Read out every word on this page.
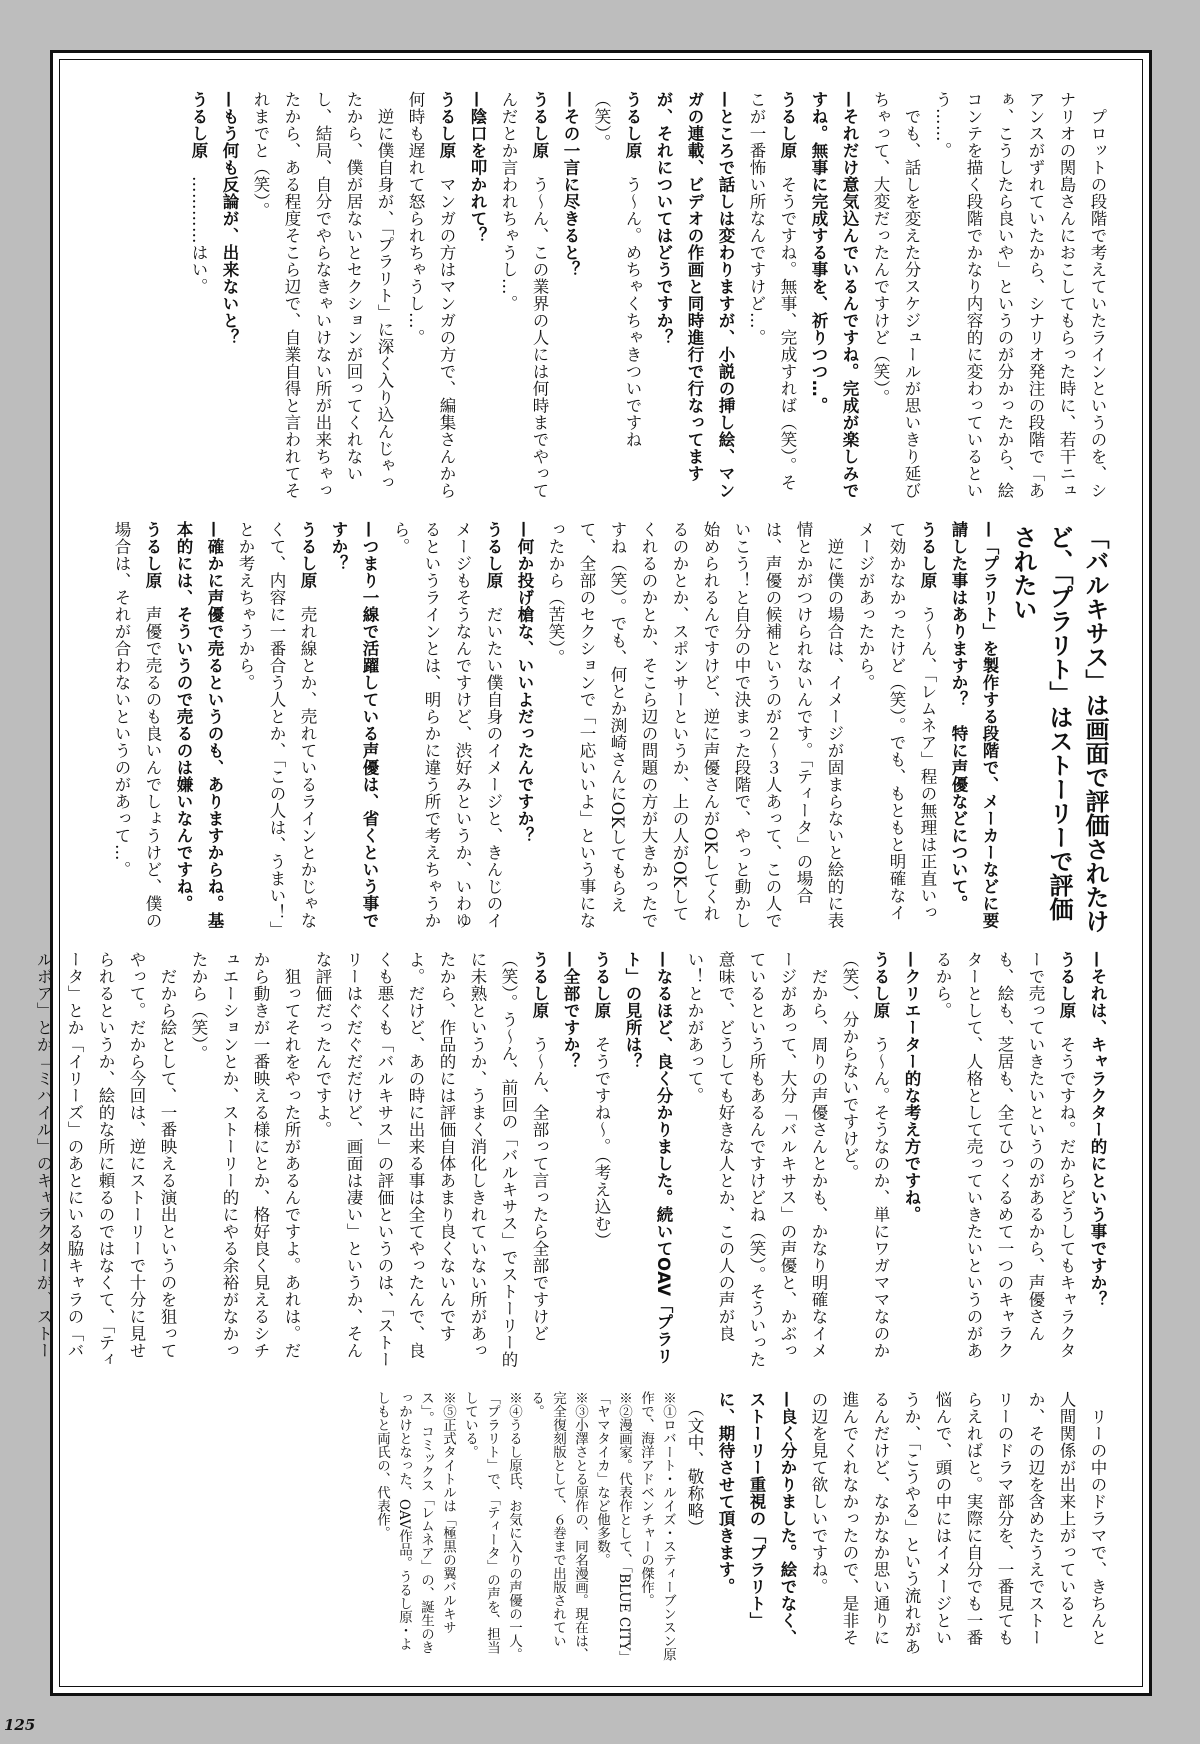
　プロットの段階で考えていたラインというのを、シナリオの関島さんにおこしてもらった時に、若干ニュアンスがずれていたから、シナリオ発注の段階で「あぁ、こうしたら良いや」というのが分かったから、絵コンテを描く段階でかなり内容的に変わっているという……。
　でも、話しを変えた分スケジュールが思いきり延びちゃって、大変だったんですけど（笑）。
—それだけ意気込んでいるんですね。完成が楽しみですね。無事に完成する事を、祈りつつ…。
うるし原　そうですね。無事、完成すれば（笑）。そこが一番怖い所なんですけど…。
—ところで話しは変わりますが、小説の挿し絵、マンガの連載、ビデオの作画と同時進行で行なってますが、それについてはどうですか？
うるし原　う〜ん。めちゃくちゃきついですね（笑）。
—その一言に尽きると？
うるし原　う〜ん、この業界の人には何時までやってんだとか言われちゃうし…。
—陰口を叩かれて？
うるし原　マンガの方はマンガの方で、編集さんから何時も遅れて怒られちゃうし…。
　逆に僕自身が、「プラリト」に深く入り込んじゃったから、僕が居ないとセクションが回ってくれないし、結局、自分でやらなきゃいけない所が出来ちゃったから、ある程度そこら辺で、自業自得と言われてそれまでと（笑）。
—もう何も反論が、出来ないと？
うるし原　…………はい。
「バルキサス」は画面で評価されたけど、「プラリト」はストーリーで評価されたい
—「プラリト」を製作する段階で、メーカーなどに要請した事はありますか？　特に声優などについて。
うるし原　う〜ん、「レムネア」程の無理は正直いって効かなかったけど（笑）。でも、もともと明確なイメージがあったから。
　逆に僕の場合は、イメージが固まらないと絵的に表情とかがつけられないんです。「ティータ」の場合は、声優の候補というのが２〜３人あって、この人でいこう！と自分の中で決まった段階で、やっと動かし始められるんですけど、逆に声優さんがOKしてくれるのかとか、スポンサーというか、上の人がOKしてくれるのかとか、そこら辺の問題の方が大きかったですね（笑）。でも、何とか渕崎さんにOKしてもらえて、全部のセクションで「一応いいよ」という事になったから（苦笑）。
—何か投げ槍な、いいよだったんですか？
うるし原　だいたい僕自身のイメージと、きんじのイメージもそうなんですけど、渋好みというか、いわゆるというラインとは、明らかに違う所で考えちゃうから。
—つまり一線で活躍している声優は、省くという事ですか？
うるし原　売れ線とか、売れているラインとかじゃなくて、内容に一番合う人とか、「この人は、うまい！」とか考えちゃうから。
—確かに声優で売るというのも、ありますからね。基本的には、そういうので売るのは嫌いなんですね。
うるし原　声優で売るのも良いんでしょうけど、僕の場合は、それが合わないというのがあって…。
—それは、キャラクター的にという事ですか？
うるし原　そうですね。だからどうしてもキャラクターで売っていきたいというのがあるから、声優さんも、絵も、芝居も、全てひっくるめて一つのキャラクターとして、人格として売っていきたいというのがあるから。
—クリエーター的な考え方ですね。
うるし原　う〜ん。そうなのか、単にワガママなのか（笑）、分からないですけど。
　だから、周りの声優さんとかも、かなり明確なイメージがあって、大分「バルキサス」の声優と、かぶっているという所もあるんですけどね（笑）。そういった意味で、どうしても好きな人とか、この人の声が良い！とかがあって。
—なるほど、良く分かりました。続いてOAV「プラリト」の見所は？
うるし原　そうですね〜。（考え込む）
—全部ですか？
うるし原　う〜ん、全部って言ったら全部ですけど（笑）。う〜ん、前回の「バルキサス」でストーリー的に未熟というか、うまく消化しきれていない所があったから、作品的には評価自体あまり良くないんですよ。だけど、あの時に出来る事は全てやったんで、良くも悪くも「バルキサス」の評価というのは、「ストーリーはぐだぐだだけど、画面は凄い」というか、そんな評価だったんですよ。
　狙ってそれをやった所があるんですよ。あれは。だから動きが一番映える様にとか、格好良く見えるシチュエーションとか、ストーリー的にやる余裕がなかったから（笑）。
　だから絵として、一番映える演出というのを狙ってやって。だから今回は、逆にストーリーで十分に見せられるというか、絵的な所に頼るのではなくて、「ティータ」とか「イリーズ」のあとにいる脇キャラの「バルボア」とか「ミハイル」のキャラクターが、ストー
　リーの中のドラマで、きちんと人間関係が出来上がっているとか、その辺を含めたうえでストーリーのドラマ部分を、一番見てもらえればと。実際に自分でも一番悩んで、頭の中にはイメージというか、「こうやる」という流れがあるんだけど、なかなか思い通りに進んでくれなかったので、是非その辺を見て欲しいですね。
—良く分かりました。絵でなく、ストーリー重視の「プラリト」に、期待させて頂きます。
　（文中、敬称略）
※①ロバート・ルイズ・スティーブンスン原作で、海洋アドベンチャーの傑作。
※②漫画家。代表作として、「BLUE CITY」「ヤマタイカ」など他多数。
※③小澤さとる原作の、同名漫画。現在は、完全復刻版として、６巻まで出版されている。
※④うるし原氏、お気に入りの声優の一人。「プラリト」で、「ティータ」の声を、担当している。
※⑤正式タイトルは「極黒の翼バルキサス」。コミックス「レムネア」の、誕生のきっかけとなった、OAV作品。うるし原・よしもと両氏の、代表作。
125
